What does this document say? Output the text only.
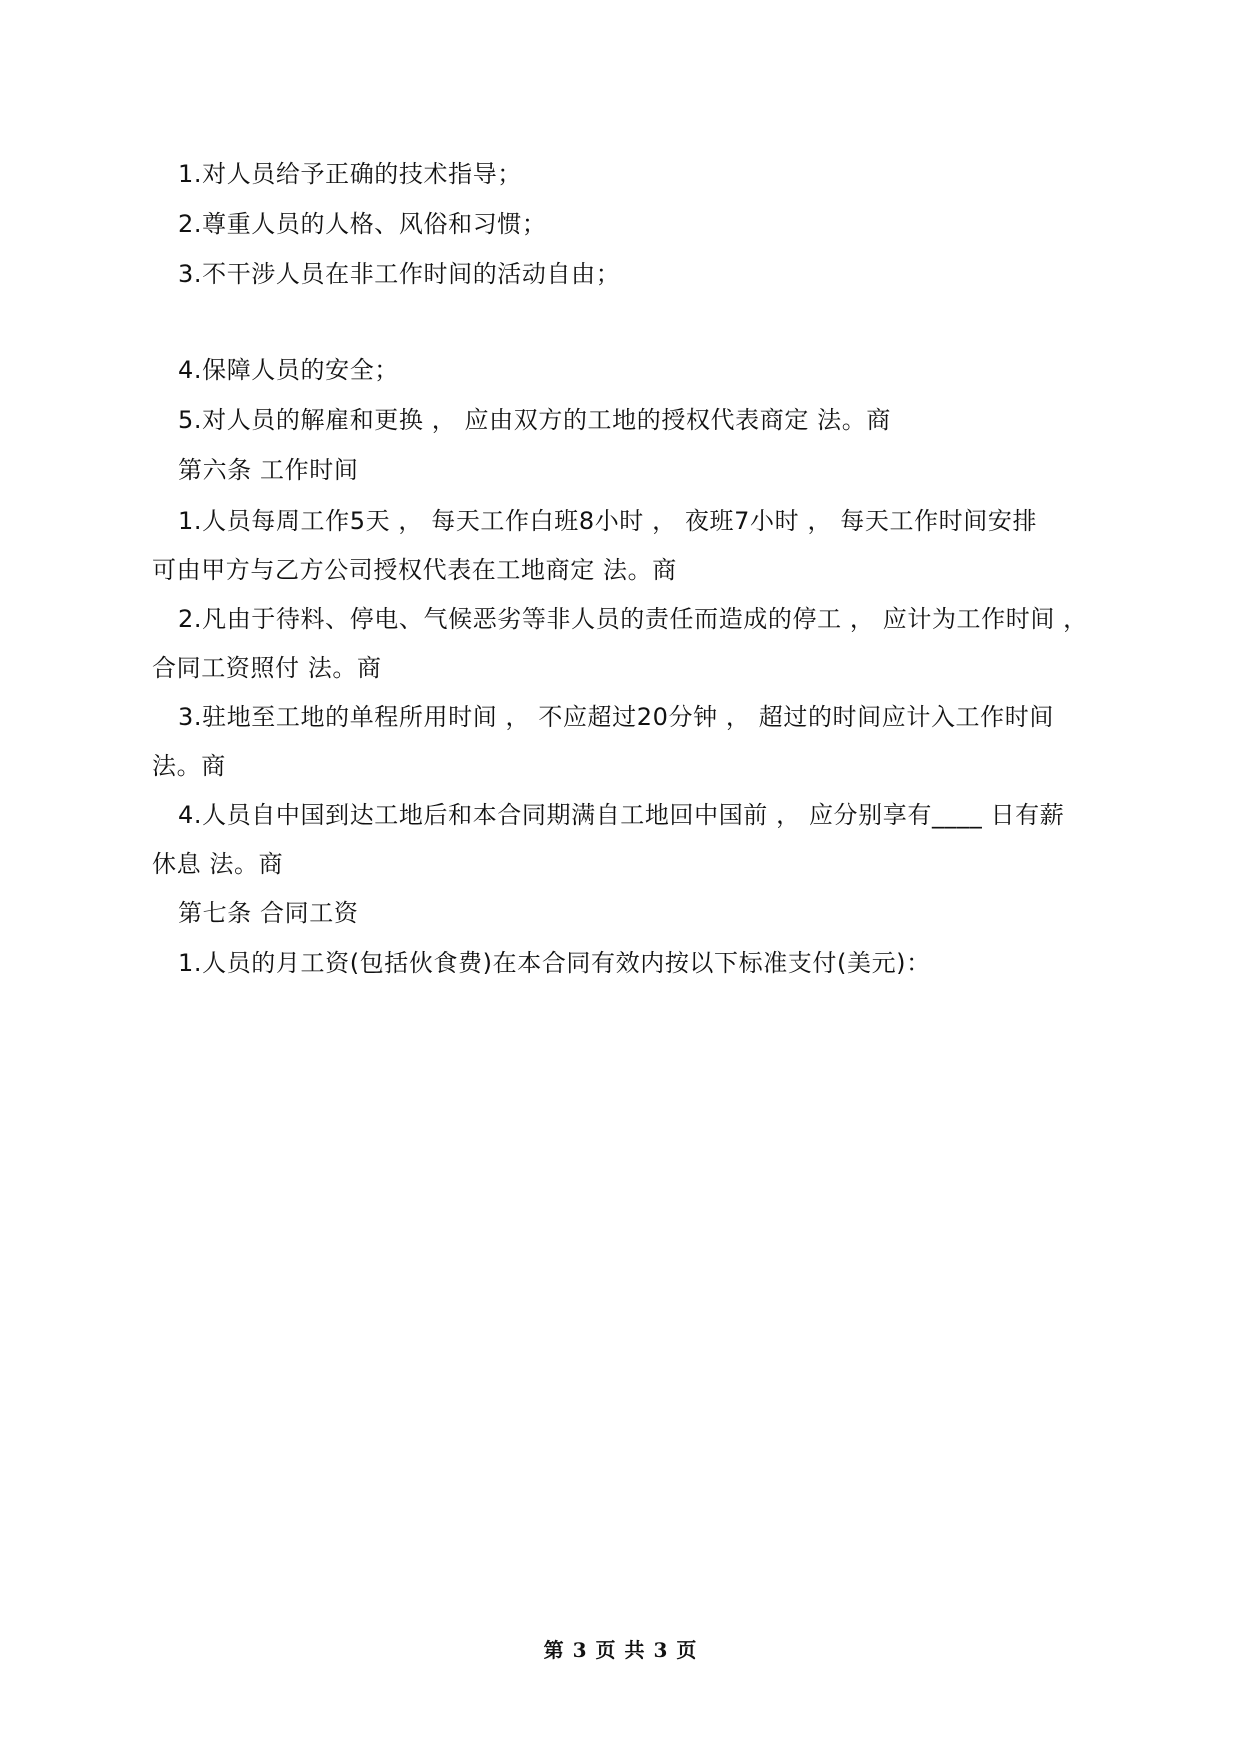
1.对人员给予正确的技术指导；
2.尊重人员的人格、风俗和习惯；
3.不干涉人员在非工作时间的活动自由；
4.保障人员的安全；
5.对人员的解雇和更换 ， 应由双方的工地的授权代表商定 法。商
第六条 工作时间
1.人员每周工作5天 ， 每天工作白班8小时 ， 夜班7小时 ， 每天工作时间安排
可由甲方与乙方公司授权代表在工地商定 法。商
2.凡由于待料、停电、气候恶劣等非人员的责任而造成的停工 ， 应计为工作时间 ，
合同工资照付 法。商
3.驻地至工地的单程所用时间 ， 不应超过20分钟 ， 超过的时间应计入工作时间
法。商
4.人员自中国到达工地后和本合同期满自工地回中国前 ， 应分别享有____ 日有薪
休息 法。商
第七条 合同工资
1.人员的月工资(包括伙食费)在本合同有效内按以下标准支付(美元)：
第 3 页 共 3 页
